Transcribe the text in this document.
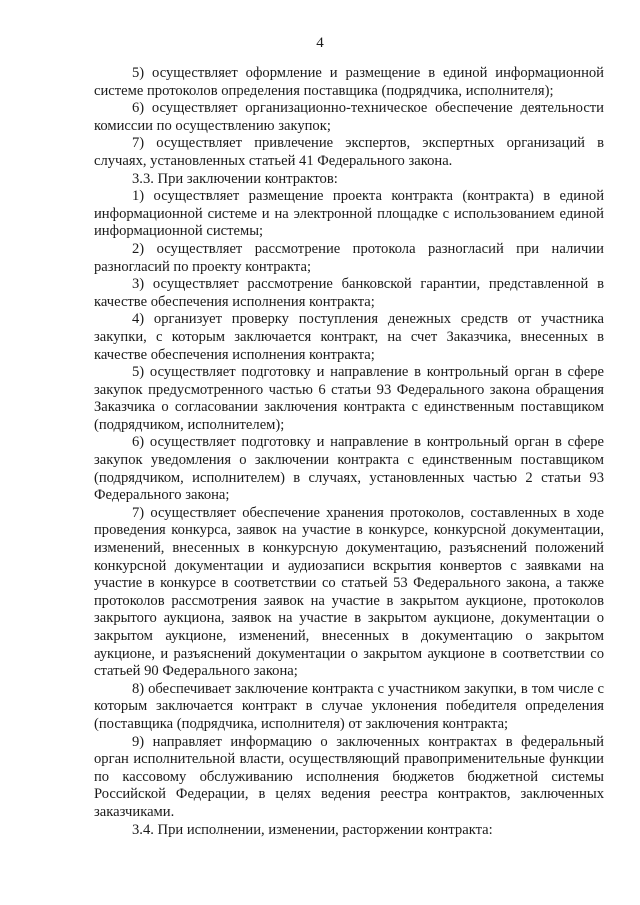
4

5) осуществляет оформление и размещение в единой информационной системе протоколов определения поставщика (подрядчика, исполнителя);

6) осуществляет организационно-техническое обеспечение деятельности комиссии по осуществлению закупок;

7) осуществляет привлечение экспертов, экспертных организаций в случаях, установленных статьей 41 Федерального закона.

3.3. При заключении контрактов:

1) осуществляет размещение проекта контракта (контракта) в единой информационной системе и на электронной площадке с использованием единой информационной системы;

2) осуществляет рассмотрение протокола разногласий при наличии разногласий по проекту контракта;

3) осуществляет рассмотрение банковской гарантии, представленной в качестве обеспечения исполнения контракта;

4) организует проверку поступления денежных средств от участника закупки, с которым заключается контракт, на счет Заказчика, внесенных в качестве обеспечения исполнения контракта;

5) осуществляет подготовку и направление в контрольный орган в сфере закупок предусмотренного частью 6 статьи 93 Федерального закона обращения Заказчика о согласовании заключения контракта с единственным поставщиком (подрядчиком, исполнителем);

6) осуществляет подготовку и направление в контрольный орган в сфере закупок уведомления о заключении контракта с единственным поставщиком (подрядчиком, исполнителем) в случаях, установленных частью 2 статьи 93 Федерального закона;

7) осуществляет обеспечение хранения протоколов, составленных в ходе проведения конкурса, заявок на участие в конкурсе, конкурсной документации, изменений, внесенных в конкурсную документацию, разъяснений положений конкурсной документации и аудиозаписи вскрытия конвертов с заявками на участие в конкурсе в соответствии со статьей 53 Федерального закона, а также протоколов рассмотрения заявок на участие в закрытом аукционе, протоколов закрытого аукциона, заявок на участие в закрытом аукционе, документации о закрытом аукционе, изменений, внесенных в документацию о закрытом аукционе, и разъяснений документации о закрытом аукционе в соответствии со статьей 90 Федерального закона;

8) обеспечивает заключение контракта с участником закупки, в том числе с которым заключается контракт в случае уклонения победителя определения (поставщика (подрядчика, исполнителя) от заключения контракта;

9) направляет информацию о заключенных контрактах в федеральный орган исполнительной власти, осуществляющий правоприменительные функции по кассовому обслуживанию исполнения бюджетов бюджетной системы Российской Федерации, в целях ведения реестра контрактов, заключенных заказчиками.

3.4. При исполнении, изменении, расторжении контракта:
